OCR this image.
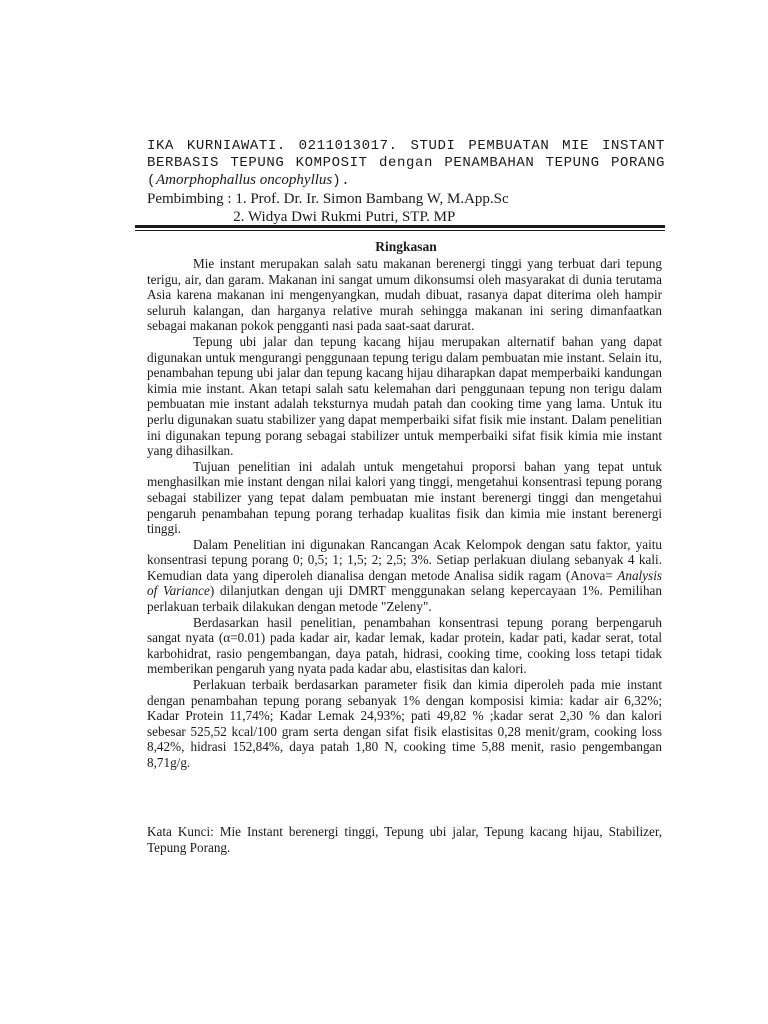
IKA KURNIAWATI. 0211013017. STUDI PEMBUATAN MIE INSTANT BERBASIS TEPUNG KOMPOSIT dengan PENAMBAHAN TEPUNG PORANG (Amorphophallus oncophyllus).

Pembimbing : 1. Prof. Dr. Ir. Simon Bambang W, M.App.Sc

2. Widya Dwi Rukmi Putri, STP. MP

Ringkasan

Mie instant merupakan salah satu makanan berenergi tinggi yang terbuat dari tepung terigu, air, dan garam. Makanan ini sangat umum dikonsumsi oleh masyarakat di dunia terutama Asia karena makanan ini mengenyangkan, mudah dibuat, rasanya dapat diterima oleh hampir seluruh kalangan, dan harganya relative murah sehingga makanan ini sering dimanfaatkan sebagai makanan pokok pengganti nasi pada saat-saat darurat.

Tepung ubi jalar dan tepung kacang hijau merupakan alternatif bahan yang dapat digunakan untuk mengurangi penggunaan tepung terigu dalam pembuatan mie instant. Selain itu, penambahan tepung ubi jalar dan tepung kacang hijau diharapkan dapat memperbaiki kandungan kimia mie instant. Akan tetapi salah satu kelemahan dari penggunaan tepung non terigu dalam pembuatan mie instant adalah teksturnya mudah patah dan cooking time yang lama. Untuk itu perlu digunakan suatu stabilizer yang dapat memperbaiki sifat fisik mie instant. Dalam penelitian ini digunakan tepung porang sebagai stabilizer untuk memperbaiki sifat fisik kimia mie instant yang dihasilkan.

Tujuan penelitian ini adalah untuk mengetahui proporsi bahan yang tepat untuk menghasilkan mie instant dengan nilai kalori yang tinggi, mengetahui konsentrasi tepung porang sebagai stabilizer yang tepat dalam pembuatan mie instant berenergi tinggi dan mengetahui pengaruh penambahan tepung porang terhadap kualitas fisik dan kimia mie instant berenergi tinggi.

Dalam Penelitian ini digunakan Rancangan Acak Kelompok dengan satu faktor, yaitu konsentrasi tepung porang 0; 0,5; 1; 1,5; 2; 2,5; 3%. Setiap perlakuan diulang sebanyak 4 kali. Kemudian data yang diperoleh dianalisa dengan metode Analisa sidik ragam (Anova= Analysis of Variance) dilanjutkan dengan uji DMRT menggunakan selang kepercayaan 1%. Pemilihan perlakuan terbaik dilakukan dengan metode "Zeleny".

Berdasarkan hasil penelitian, penambahan konsentrasi tepung porang berpengaruh sangat nyata (α=0.01) pada kadar air, kadar lemak, kadar protein, kadar pati, kadar serat, total karbohidrat, rasio pengembangan, daya patah, hidrasi, cooking time, cooking loss tetapi tidak memberikan pengaruh yang nyata pada kadar abu, elastisitas dan kalori.

Perlakuan terbaik berdasarkan parameter fisik dan kimia diperoleh pada mie instant dengan penambahan tepung porang sebanyak 1% dengan komposisi kimia: kadar air 6,32%; Kadar Protein 11,74%; Kadar Lemak 24,93%; pati 49,82 % ;kadar serat 2,30 % dan kalori sebesar 525,52 kcal/100 gram serta dengan sifat fisik elastisitas 0,28 menit/gram, cooking loss 8,42%, hidrasi 152,84%, daya patah 1,80 N, cooking time 5,88 menit, rasio pengembangan 8,71g/g.

Kata Kunci: Mie Instant berenergi tinggi, Tepung ubi jalar, Tepung kacang hijau, Stabilizer, Tepung Porang.
